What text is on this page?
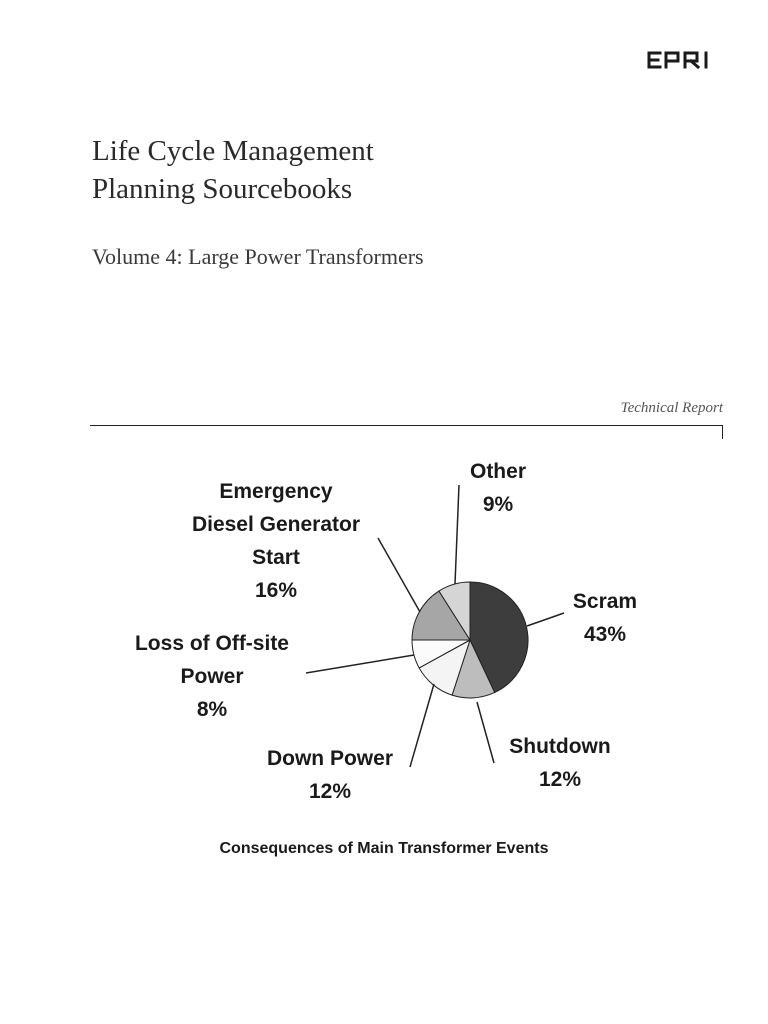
EPRI
Life Cycle Management
Planning Sourcebooks
Volume 4: Large Power Transformers
Technical Report
Scram
43%
Shutdown
12%
Down Power
12%
Loss of Off-site
Power
8%
Emergency
Diesel Generator
Start
16%
Other
9%
Consequences of Main Transformer Events
